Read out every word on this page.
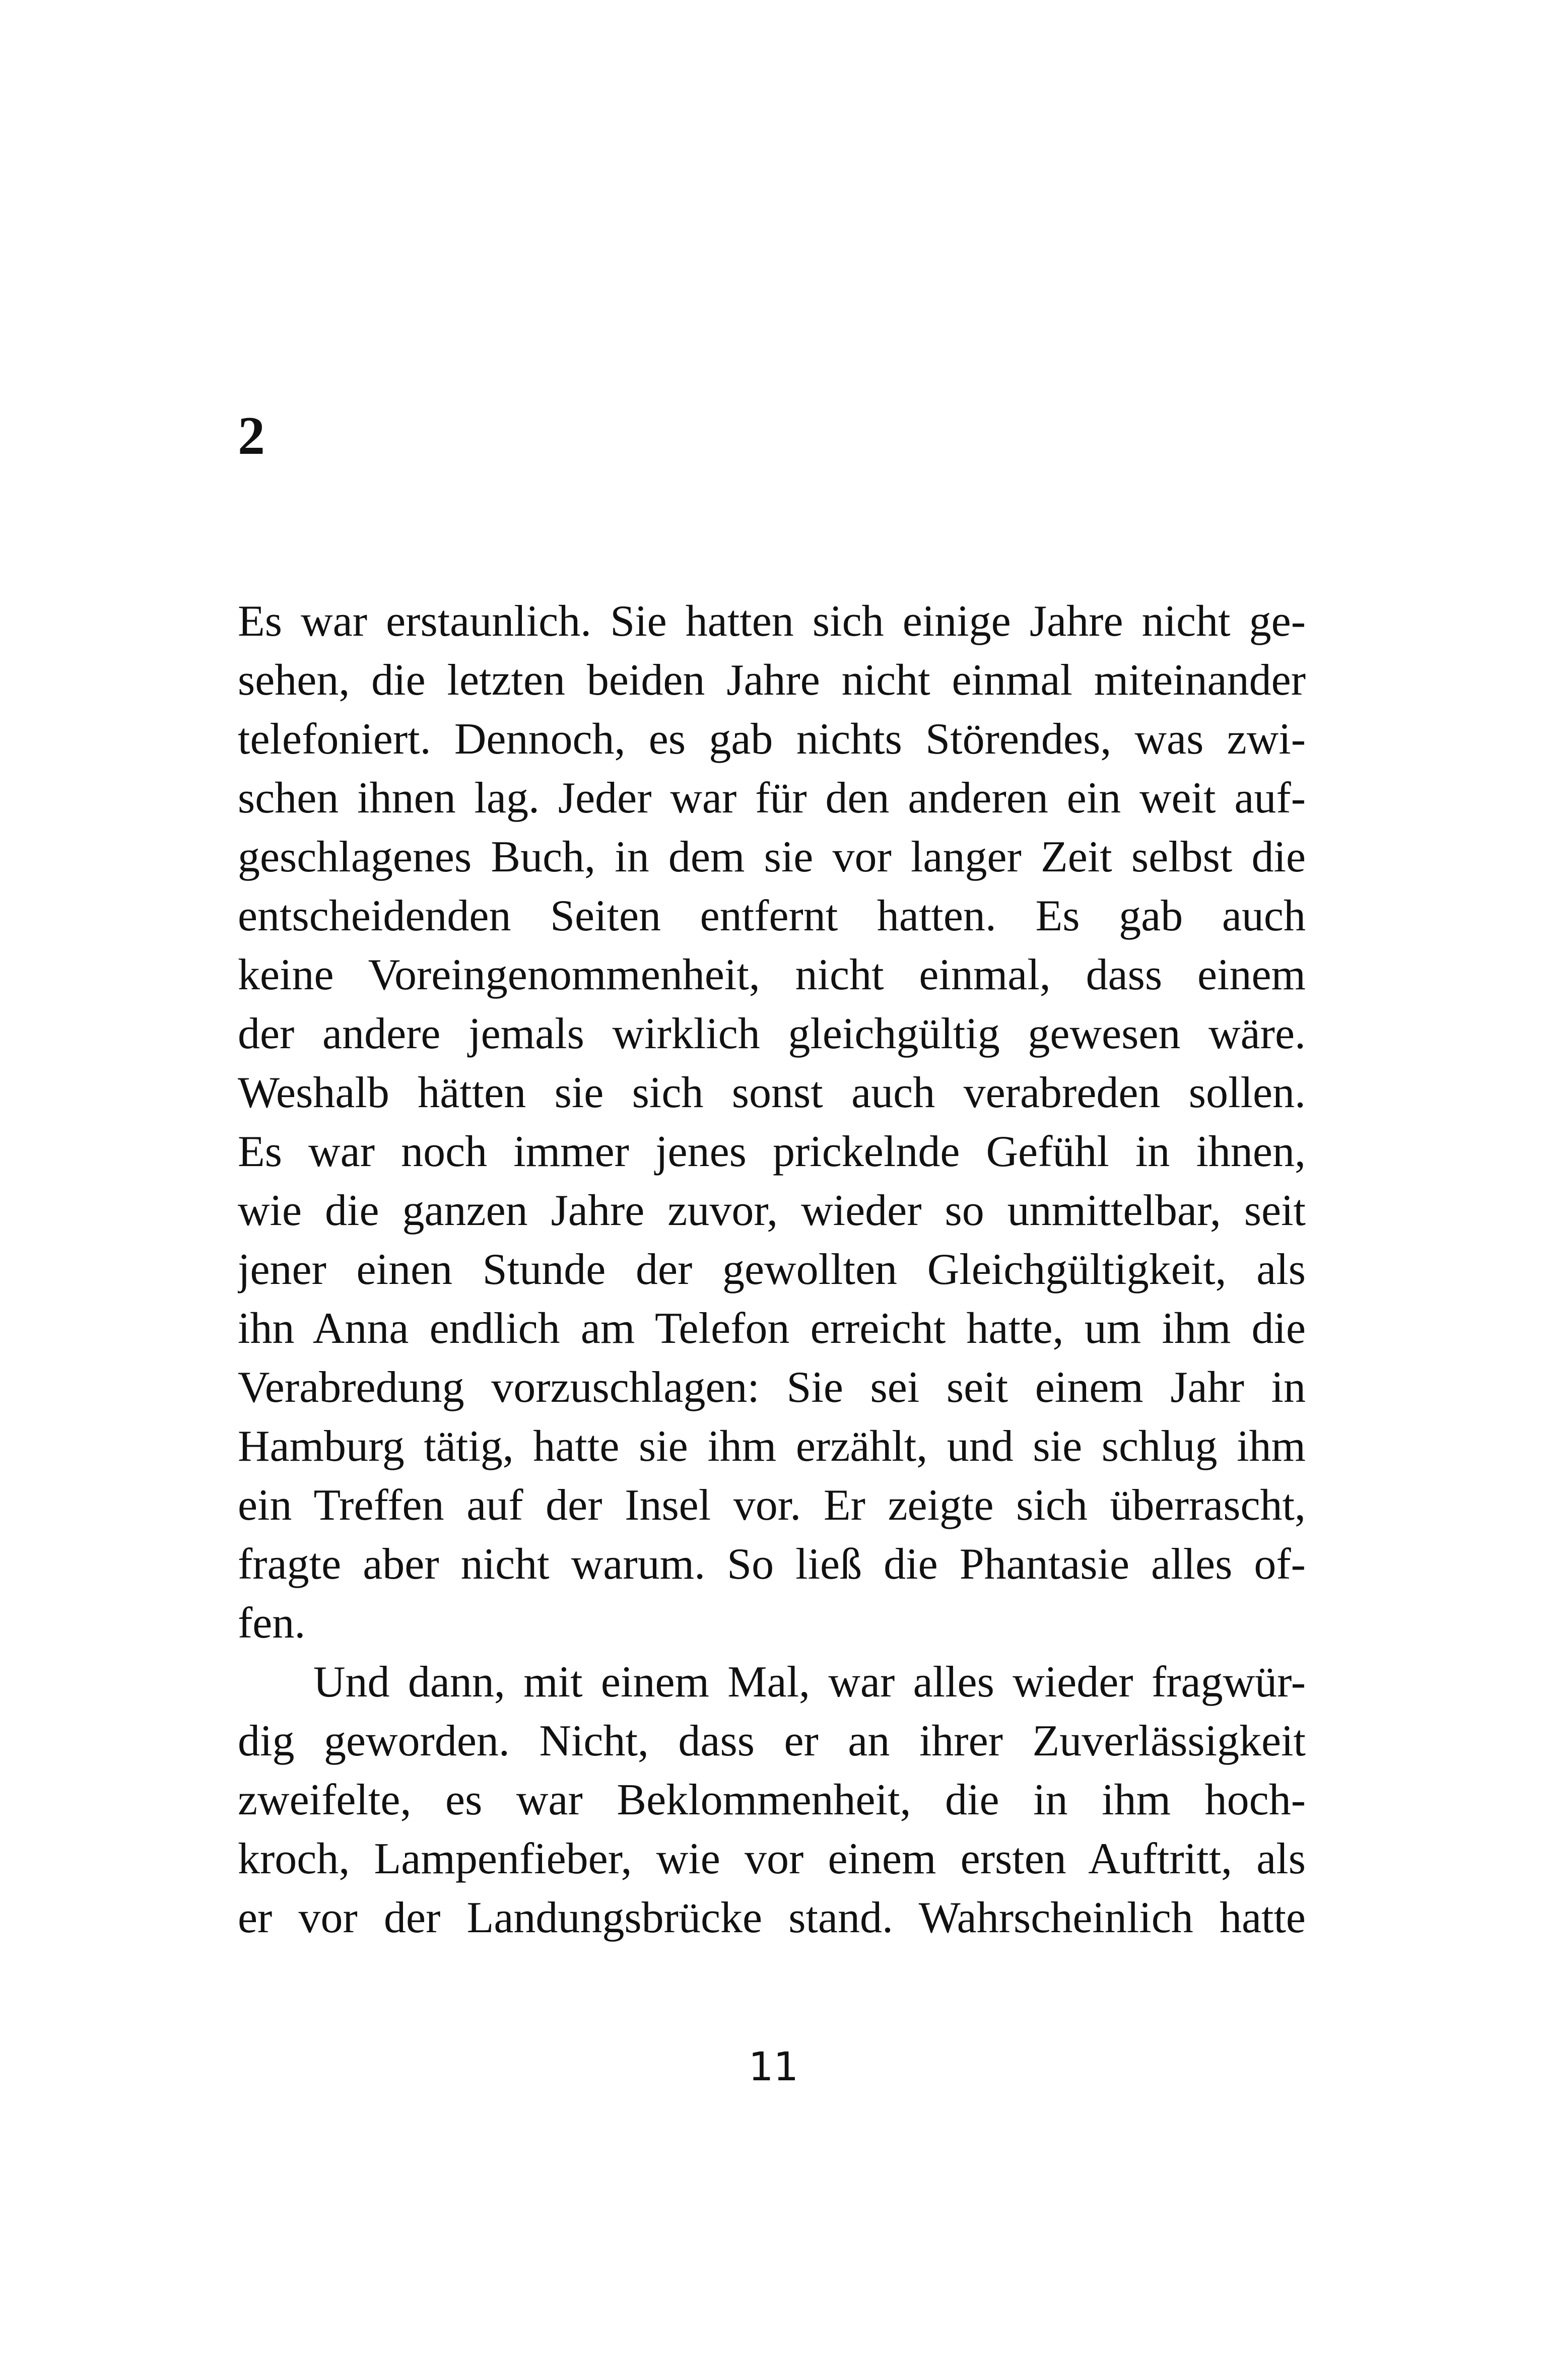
2
Es war erstaunlich. Sie hatten sich einige Jahre nicht ge-
sehen, die letzten beiden Jahre nicht einmal miteinander
telefoniert. Dennoch, es gab nichts Störendes, was zwi-
schen ihnen lag. Jeder war für den anderen ein weit auf-
geschlagenes Buch, in dem sie vor langer Zeit selbst die
entscheidenden Seiten entfernt hatten. Es gab auch
keine Voreingenommenheit, nicht einmal, dass einem
der andere jemals wirklich gleichgültig gewesen wäre.
Weshalb hätten sie sich sonst auch verabreden sollen.
Es war noch immer jenes prickelnde Gefühl in ihnen,
wie die ganzen Jahre zuvor, wieder so unmittelbar, seit
jener einen Stunde der gewollten Gleichgültigkeit, als
ihn Anna endlich am Telefon erreicht hatte, um ihm die
Verabredung vorzuschlagen: Sie sei seit einem Jahr in
Hamburg tätig, hatte sie ihm erzählt, und sie schlug ihm
ein Treffen auf der Insel vor. Er zeigte sich überrascht,
fragte aber nicht warum. So ließ die Phantasie alles of-
fen.
Und dann, mit einem Mal, war alles wieder fragwür-
dig geworden. Nicht, dass er an ihrer Zuverlässigkeit
zweifelte, es war Beklommenheit, die in ihm hoch-
kroch, Lampenfieber, wie vor einem ersten Auftritt, als
er vor der Landungsbrücke stand. Wahrscheinlich hatte
11
